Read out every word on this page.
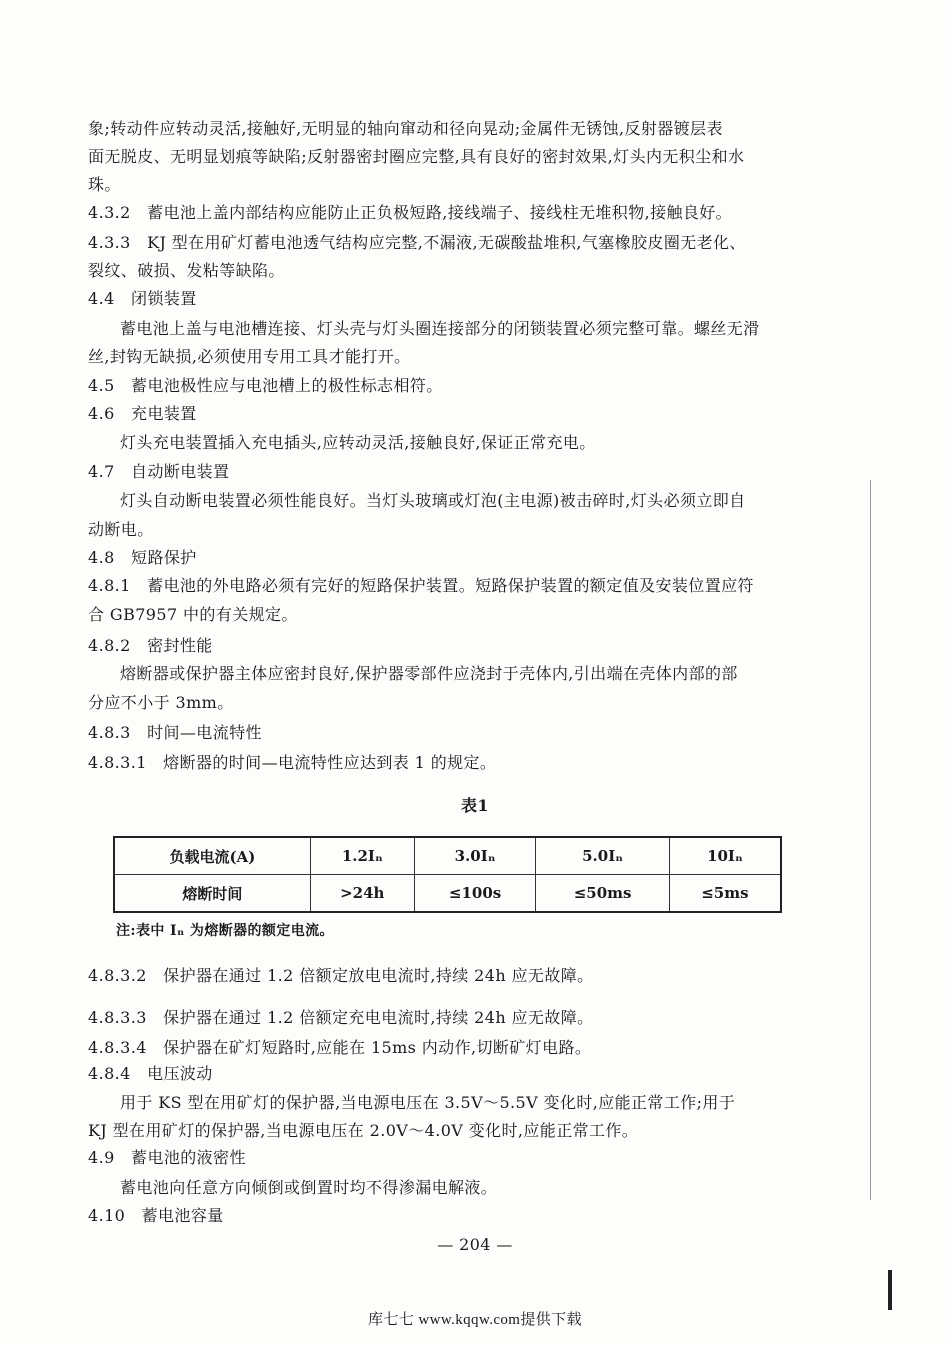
象;转动件应转动灵活,接触好,无明显的轴向窜动和径向晃动;金属件无锈蚀,反射器镀层表
面无脱皮、无明显划痕等缺陷;反射器密封圈应完整,具有良好的密封效果,灯头内无积尘和水
珠。
4.3.2　蓄电池上盖内部结构应能防止正负极短路,接线端子、接线柱无堆积物,接触良好。
4.3.3　KJ 型在用矿灯蓄电池透气结构应完整,不漏液,无碳酸盐堆积,气塞橡胶皮圈无老化、
裂纹、破损、发粘等缺陷。
4.4　闭锁装置
蓄电池上盖与电池槽连接、灯头壳与灯头圈连接部分的闭锁装置必须完整可靠。螺丝无滑
丝,封钩无缺损,必须使用专用工具才能打开。
4.5　蓄电池极性应与电池槽上的极性标志相符。
4.6　充电装置
灯头充电装置插入充电插头,应转动灵活,接触良好,保证正常充电。
4.7　自动断电装置
灯头自动断电装置必须性能良好。当灯头玻璃或灯泡(主电源)被击碎时,灯头必须立即自
动断电。
4.8　短路保护
4.8.1　蓄电池的外电路必须有完好的短路保护装置。短路保护装置的额定值及安装位置应符
合 GB7957 中的有关规定。
4.8.2　密封性能
熔断器或保护器主体应密封良好,保护器零部件应浇封于壳体内,引出端在壳体内部的部
分应不小于 3mm。
4.8.3　时间—电流特性
4.8.3.1　熔断器的时间—电流特性应达到表 1 的规定。
表1
负载电流(A)	1.2Iₙ	3.0Iₙ	5.0Iₙ	10Iₙ
熔断时间	>24h	≤100s	≤50ms	≤5ms
注:表中 Iₙ 为熔断器的额定电流。
4.8.3.2　保护器在通过 1.2 倍额定放电电流时,持续 24h 应无故障。
4.8.3.3　保护器在通过 1.2 倍额定充电电流时,持续 24h 应无故障。
4.8.3.4　保护器在矿灯短路时,应能在 15ms 内动作,切断矿灯电路。
4.8.4　电压波动
用于 KS 型在用矿灯的保护器,当电源电压在 3.5V～5.5V 变化时,应能正常工作;用于
KJ 型在用矿灯的保护器,当电源电压在 2.0V～4.0V 变化时,应能正常工作。
4.9　蓄电池的液密性
蓄电池向任意方向倾倒或倒置时均不得渗漏电解液。
4.10　蓄电池容量
— 204 —
库七七 www.kqqw.com提供下载
